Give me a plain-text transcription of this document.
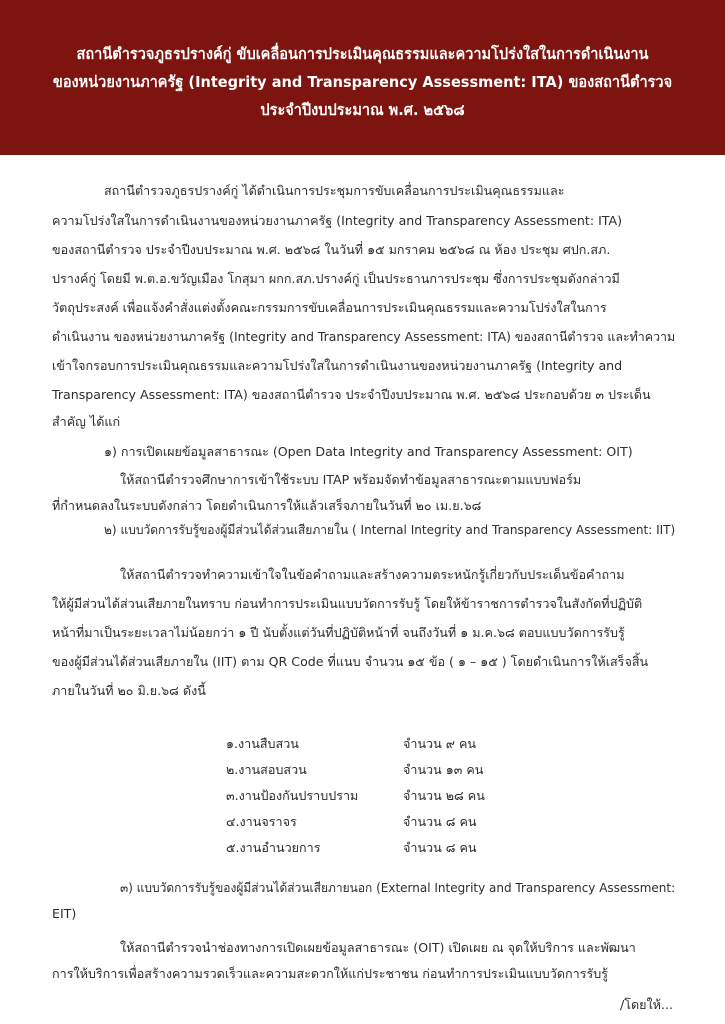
สถานีตำรวจภูธรปรางค์กู่ ขับเคลื่อนการประเมินคุณธรรมและความโปร่งใสในการดำเนินงาน
ของหน่วยงานภาครัฐ (Integrity and Transparency Assessment: ITA) ของสถานีตำรวจ
ประจำปีงบประมาณ พ.ศ. ๒๕๖๘
สถานีตำรวจภูธรปรางค์กู่ ได้ดำเนินการประชุมการขับเคลื่อนการประเมินคุณธรรมและ
ความโปร่งใสในการดำเนินงานของหน่วยงานภาครัฐ (Integrity and Transparency Assessment: ITA)
ของสถานีตำรวจ ประจำปีงบประมาณ พ.ศ. ๒๕๖๘ ในวันที่ ๑๕ มกราคม ๒๕๖๘ ณ ห้อง ประชุม ศปก.สภ.
ปรางค์กู่ โดยมี พ.ต.อ.ขวัญเมือง โกสุมา ผกก.สภ.ปรางค์กู่ เป็นประธานการประชุม ซึ่งการประชุมดังกล่าวมี
วัตถุประสงค์ เพื่อแจ้งคำสั่งแต่งตั้งคณะกรรมการขับเคลื่อนการประเมินคุณธรรมและความโปร่งใสในการ
ดำเนินงาน ของหน่วยงานภาครัฐ (Integrity and Transparency Assessment: ITA) ของสถานีตำรวจ และทำความ
เข้าใจกรอบการประเมินคุณธรรมและความโปร่งใสในการดำเนินงานของหน่วยงานภาครัฐ (Integrity and
Transparency Assessment: ITA) ของสถานีตำรวจ ประจำปีงบประมาณ พ.ศ. ๒๕๖๘ ประกอบด้วย ๓ ประเด็น
สำคัญ ได้แก่
๑) การเปิดเผยข้อมูลสาธารณะ (Open Data Integrity and Transparency Assessment: OIT)
ให้สถานีตำรวจศึกษาการเข้าใช้ระบบ ITAP พร้อมจัดทำข้อมูลสาธารณะตามแบบฟอร์ม
ที่กำหนดลงในระบบดังกล่าว โดยดำเนินการให้แล้วเสร็จภายในวันที่ ๒๐ เม.ย.๖๘
๒) แบบวัดการรับรู้ของผู้มีส่วนได้ส่วนเสียภายใน ( Internal Integrity and Transparency Assessment: IIT)
ให้สถานีตำรวจทำความเข้าใจในข้อคำถามและสร้างความตระหนักรู้เกี่ยวกับประเด็นข้อคำถาม
ให้ผู้มีส่วนได้ส่วนเสียภายในทราบ ก่อนทำการประเมินแบบวัดการรับรู้ โดยให้ข้าราชการตำรวจในสังกัดที่ปฏิบัติ
หน้าที่มาเป็นระยะเวลาไม่น้อยกว่า ๑ ปี นับตั้งแต่วันที่ปฏิบัติหน้าที่ จนถึงวันที่ ๑ ม.ค.๖๘ ตอบแบบวัดการรับรู้
ของผู้มีส่วนได้ส่วนเสียภายใน (IIT) ตาม QR Code ที่แนบ จำนวน ๑๕ ข้อ ( ๑ – ๑๕ ) โดยดำเนินการให้เสร็จสิ้น
ภายในวันที่ ๒๐ มิ.ย.๖๘ ดังนี้
๑.งานสืบสวน	จำนวน ๙ คน
๒.งานสอบสวน	จำนวน ๑๓ คน
๓.งานป้องกันปราบปราม	จำนวน ๒๘ คน
๔.งานจราจร	จำนวน ๘ คน
๕.งานอำนวยการ	จำนวน ๘ คน
๓) แบบวัดการรับรู้ของผู้มีส่วนได้ส่วนเสียภายนอก (External Integrity and Transparency Assessment:
EIT)
ให้สถานีตำรวจนำช่องทางการเปิดเผยข้อมูลสาธารณะ (OIT) เปิดเผย ณ จุดให้บริการ และพัฒนา
การให้บริการเพื่อสร้างความรวดเร็วและความสะดวกให้แก่ประชาชน ก่อนทำการประเมินแบบวัดการรับรู้
/โดยให้...
